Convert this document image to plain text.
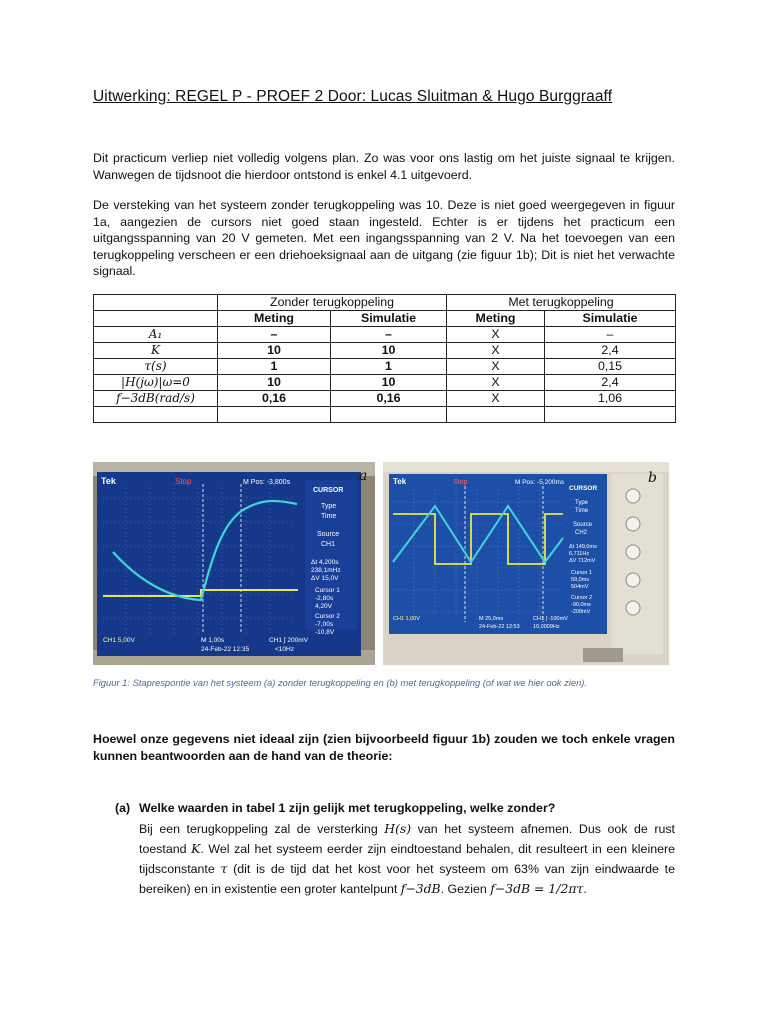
Uitwerking: REGEL P - PROEF 2 Door: Lucas Sluitman & Hugo Burggraaff
Dit practicum verliep niet volledig volgens plan. Zo was voor ons lastig om het juiste signaal te krijgen. Wanwegen de tijdsnoot die hierdoor ontstond is enkel 4.1 uitgevoerd.
De versteking van het systeem zonder terugkoppeling was 10. Deze is niet goed weergegeven in figuur 1a, aangezien de cursors niet goed staan ingesteld. Echter is er tijdens het practicum een uitgangsspanning van 20 V gemeten. Met een ingangsspanning van 2 V. Na het toevoegen van een terugkoppeling verscheen er een driehoeksignaal aan de uitgang (zie figuur 1b); Dit is niet het verwachte signaal.
	Zonder terugkoppeling		Met terugkoppeling	
	Meting	Simulatie	Meting	Simulatie
A₁	–	–	X	–
K	10	10	X	2,4
τ(s)	1	1	X	0,15
|H(jω)|ω=0	10	10	X	2,4
f−3dB(rad/s)	0,16	0,16	X	1,06

Tek	Stop	M Pos: -3,800s
CURSOR
Type
Time
Source
CH1
Δt 4,200s
238,1mHz
ΔV 15,0V
Cursor 1
-2,80s
4,20V
Cursor 2
-7,00s
-10,8V
CH1 5,00V	M 1,00s	CH1 ∫ 200mV
24-Feb-22 12:35	<10Hz
a	Tek	Stop	M Pos: -5,200ms
CURSOR
Type
Time
Source
CH2
Δt 149,0ms
6,711Hz
ΔV 712mV
Cursor 1
59,0ms
504mV
Cursor 2
-90,0ms
-208mV
CH1 1,00V	M 25,0ms	CH1 ∫ -100mV
24-Feb-22 12:53 10,0009Hz
b
Figuur 1: Staprespontie van het systeem (a) zonder terugkoppeling en (b) met terugkoppeling (of wat we hier ook zien).
Hoewel onze gegevens niet ideaal zijn (zien bijvoorbeeld figuur 1b) zouden we toch enkele vragen kunnen beantwoorden aan de hand van de theorie:
(a) Welke waarden in tabel 1 zijn gelijk met terugkoppeling, welke zonder?
Bij een terugkoppeling zal de versterking H(s) van het systeem afnemen. Dus ook de rust toestand K. Wel zal het systeem eerder zijn eindtoestand behalen, dit resulteert in een kleinere tijdsconstante τ (dit is de tijd dat het kost voor het systeem om 63% van zijn eindwaarde te bereiken) en in existentie een groter kantelpunt f−3dB. Gezien f−3dB = 1/2πτ.
